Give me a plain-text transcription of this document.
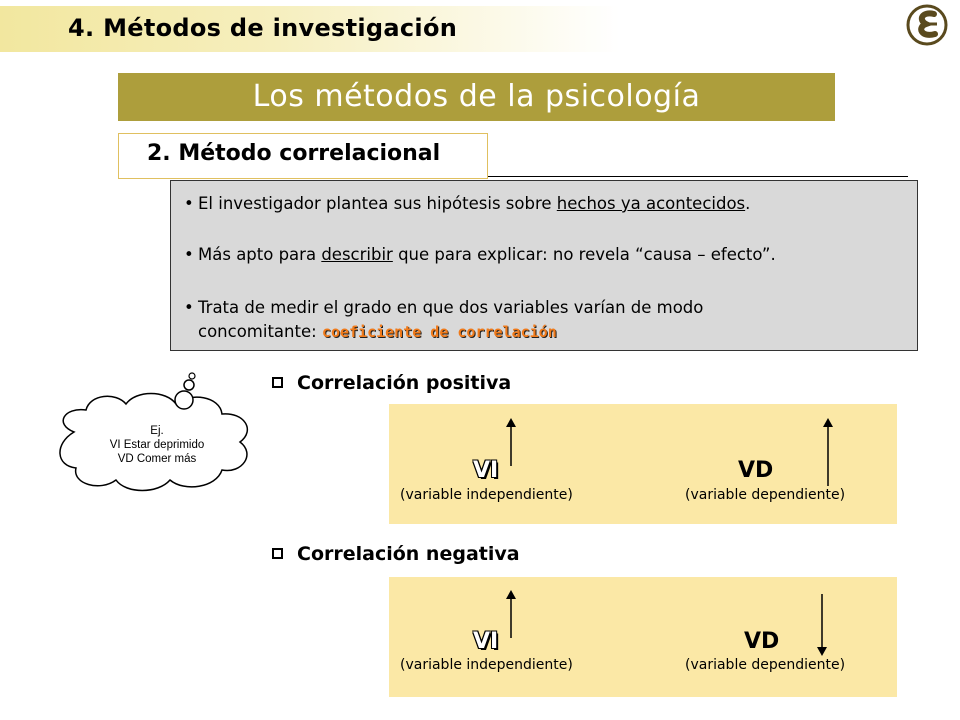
4. Métodos de investigación
Los métodos de la psicología
2. Método correlacional
• El investigador plantea sus hipótesis sobre hechos ya acontecidos.
• Más apto para describir que para explicar: no revela “causa – efecto”.
• Trata de medir el grado en que dos variables varían de modo
concomitante: coeficiente de correlación
Ej.
VI Estar deprimido
VD Comer más
Correlación positiva
VI
(variable independiente)
VD
(variable dependiente)
Correlación negativa
VI
(variable independiente)
VD
(variable dependiente)
